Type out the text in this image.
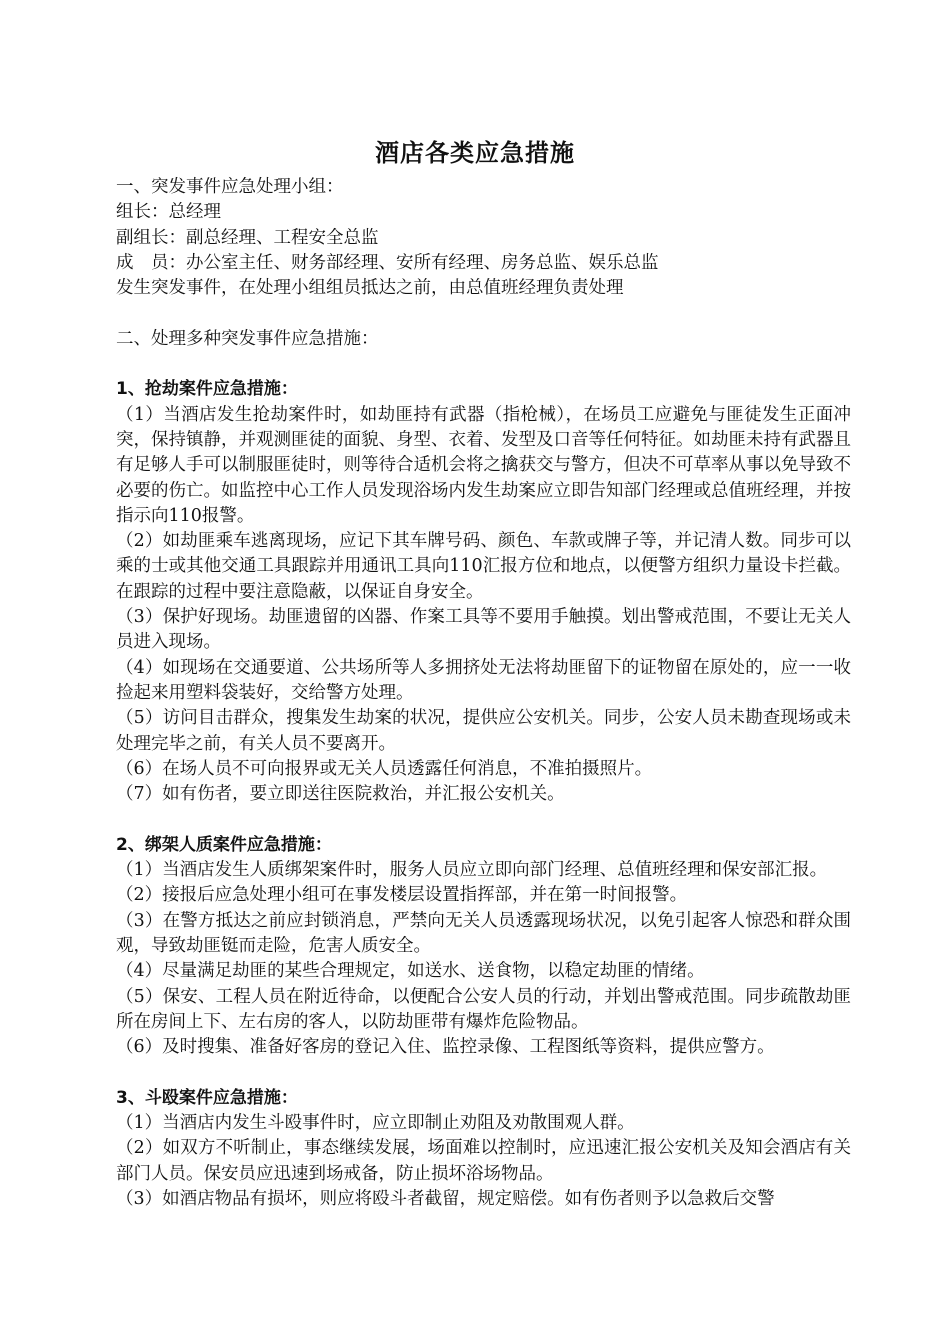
酒店各类应急措施
一、突发事件应急处理小组：
组长：总经理
副组长：副总经理、工程安全总监
成　员：办公室主任、财务部经理、安所有经理、房务总监、娱乐总监
发生突发事件，在处理小组组员抵达之前，由总值班经理负责处理
二、处理多种突发事件应急措施：
1、抢劫案件应急措施：
（1）当酒店发生抢劫案件时，如劫匪持有武器（指枪械），在场员工应避免与匪徒发生正面冲突，保持镇静，并观测匪徒的面貌、身型、衣着、发型及口音等任何特征。如劫匪未持有武器且有足够人手可以制服匪徒时，则等待合适机会将之擒获交与警方，但决不可草率从事以免导致不必要的伤亡。如监控中心工作人员发现浴场内发生劫案应立即告知部门经理或总值班经理，并按指示向110报警。
（2）如劫匪乘车逃离现场，应记下其车牌号码、颜色、车款或牌子等，并记清人数。同步可以乘的士或其他交通工具跟踪并用通讯工具向110汇报方位和地点，以便警方组织力量设卡拦截。在跟踪的过程中要注意隐蔽，以保证自身安全。
（3）保护好现场。劫匪遗留的凶器、作案工具等不要用手触摸。划出警戒范围，不要让无关人员进入现场。
（4）如现场在交通要道、公共场所等人多拥挤处无法将劫匪留下的证物留在原处的，应一一收捡起来用塑料袋装好，交给警方处理。
（5）访问目击群众，搜集发生劫案的状况，提供应公安机关。同步，公安人员未勘查现场或未处理完毕之前，有关人员不要离开。
（6）在场人员不可向报界或无关人员透露任何消息，不准拍摄照片。
（7）如有伤者，要立即送往医院救治，并汇报公安机关。
2、绑架人质案件应急措施：
（1）当酒店发生人质绑架案件时，服务人员应立即向部门经理、总值班经理和保安部汇报。
（2）接报后应急处理小组可在事发楼层设置指挥部，并在第一时间报警。
（3）在警方抵达之前应封锁消息，严禁向无关人员透露现场状况，以免引起客人惊恐和群众围观，导致劫匪铤而走险，危害人质安全。
（4）尽量满足劫匪的某些合理规定，如送水、送食物，以稳定劫匪的情绪。
（5）保安、工程人员在附近待命，以便配合公安人员的行动，并划出警戒范围。同步疏散劫匪所在房间上下、左右房的客人，以防劫匪带有爆炸危险物品。
（6）及时搜集、准备好客房的登记入住、监控录像、工程图纸等资料，提供应警方。
3、斗殴案件应急措施：
（1）当酒店内发生斗殴事件时，应立即制止劝阻及劝散围观人群。
（2）如双方不听制止，事态继续发展，场面难以控制时，应迅速汇报公安机关及知会酒店有关部门人员。保安员应迅速到场戒备，防止损坏浴场物品。
（3）如酒店物品有损坏，则应将殴斗者截留，规定赔偿。如有伤者则予以急救后交警
